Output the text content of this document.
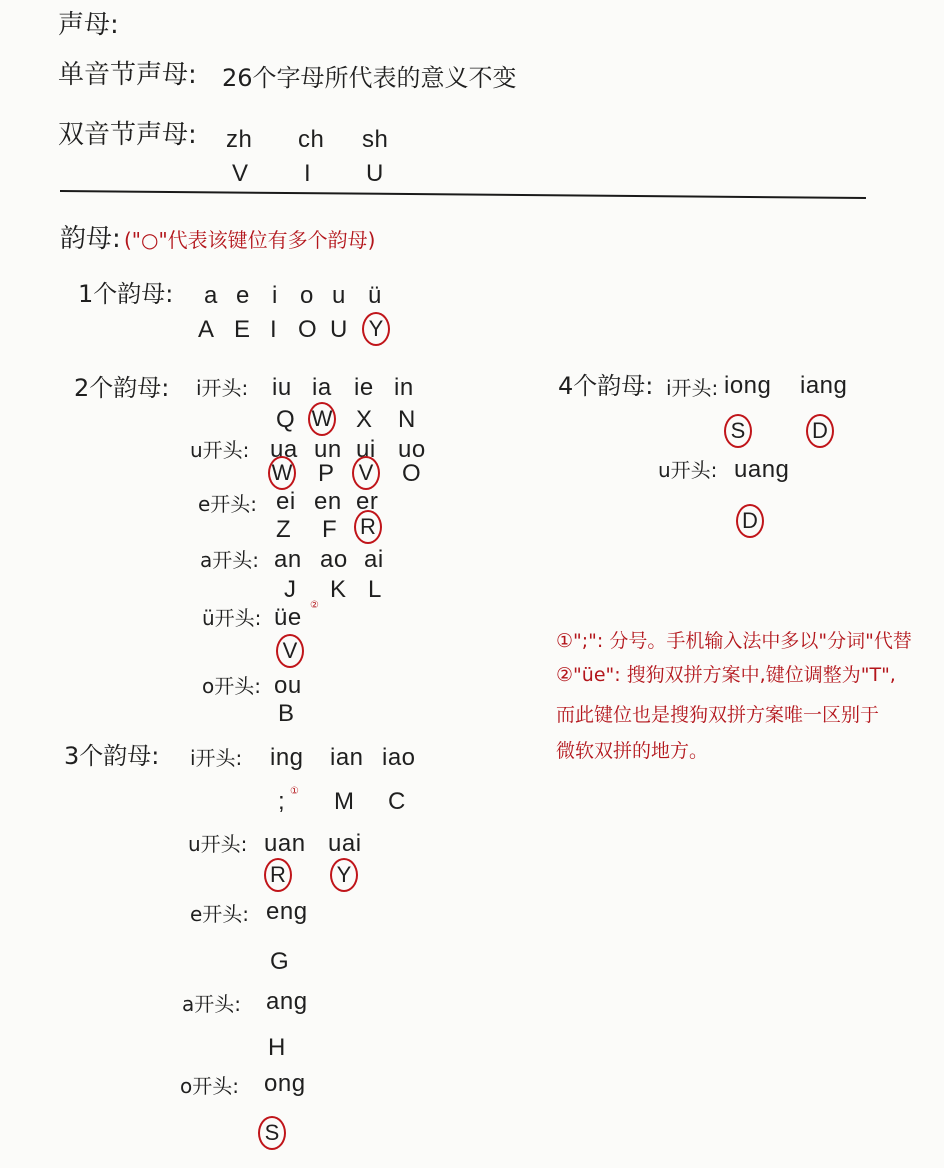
声母:
单音节声母: 26个字母所代表的意义不变
双音节声母: zh
V
ch
I
sh
U
韵母: ("○"代表该键位有多个韵母)
1个韵母: a
A
e
E
i
I
o
O
u
U
ü
Y
2个韵母: i开头: iu
Q
ia
W
ie
X
in
N
u开头: ua
W
un
P
ui
V
uo
O
e开头: ei
Z
en
F
er
R
a开头: an
J
ao
K
ai
L
ü开头: üe ②
V
o开头: ou
B
3个韵母: i开头: ing
; ①
ian
M
iao
C
u开头: uan
R
uai
Y
e开头: eng
G
a开头: ang
H
o开头: ong
S
4个韵母: i开头: iong
S
iang
D
u开头: uang
D
①";": 分号。手机输入法中多以"分词"代替
②"üe": 搜狗双拼方案中,键位调整为"T",
而此键位也是搜狗双拼方案唯一区别于
微软双拼的地方。
